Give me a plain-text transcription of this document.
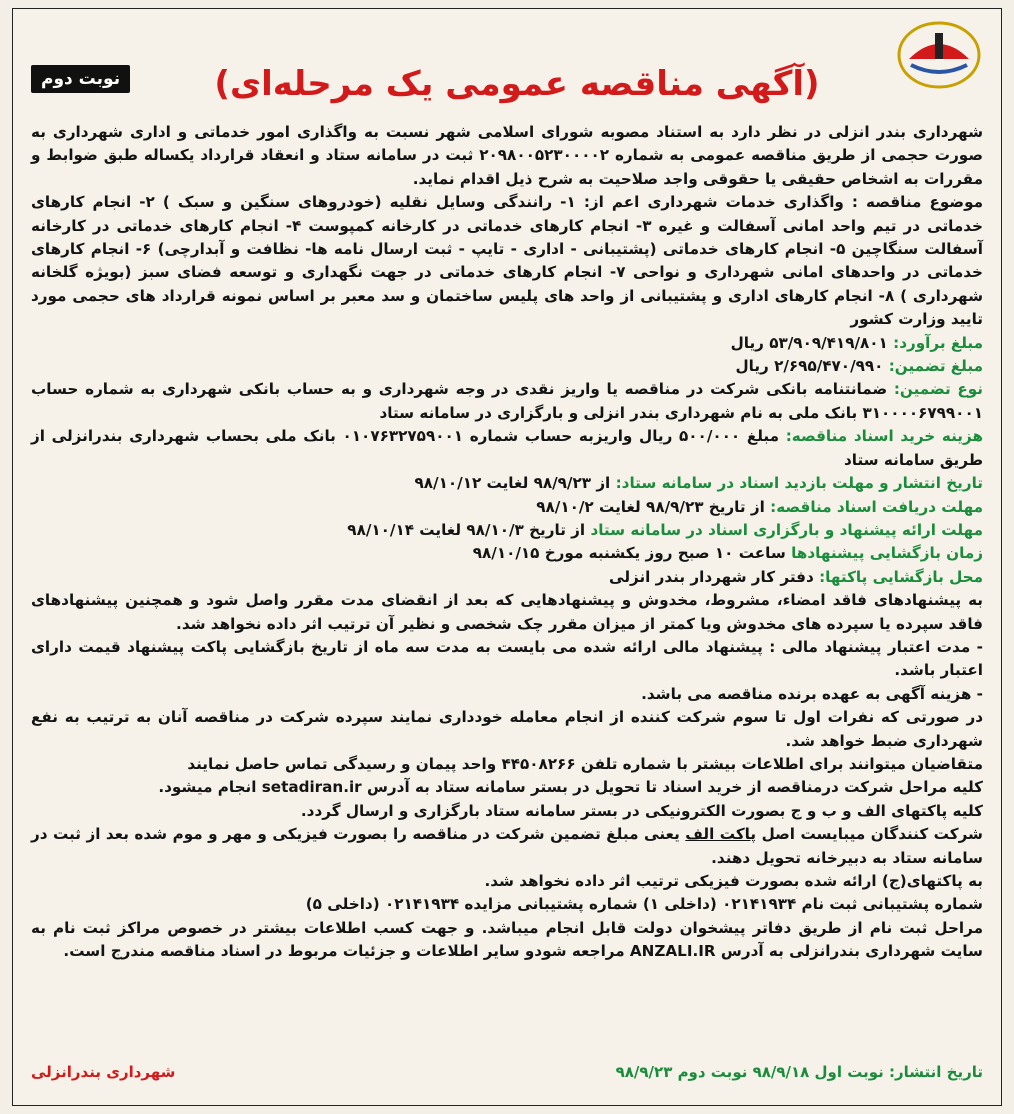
نوبت دوم	(آگهی مناقصه عمومی یک مرحله‌ای)

شهرداری بندر انزلی در نظر دارد به استناد مصوبه شورای اسلامی شهر نسبت به واگذاری امور خدماتی و اداری شهرداری به صورت حجمی از طریق مناقصه عمومی به شماره ۲۰۹۸۰۰۵۲۳۰۰۰۰۲ ثبت در سامانه ستاد و انعقاد قرارداد یکساله طبق ضوابط و مقررات به اشخاص حقیقی یا حقوقی واجد صلاحیت به شرح ذیل اقدام نماید.

موضوع مناقصه : واگذاری خدمات شهرداری اعم از: ۱- رانندگی وسایل نقلیه (خودروهای سنگین و سبک ) ۲- انجام کارهای خدماتی در تیم واحد امانی آسفالت و غیره ۳- انجام کارهای خدماتی در کارخانه کمپوست ۴- انجام کارهای خدماتی در کارخانه آسفالت سنگاچین ۵- انجام کارهای خدماتی (پشتیبانی - اداری - تایپ - ثبت ارسال نامه ها- نظافت و آبدارچی) ۶- انجام کارهای خدماتی در واحدهای امانی شهرداری و نواحی ۷- انجام کارهای خدماتی در جهت نگهداری و توسعه فضای سبز (بویژه گلخانه شهرداری ) ۸- انجام کارهای اداری و پشتیبانی از واحد های پلیس ساختمان و سد معبر بر اساس نمونه قرارداد های حجمی مورد تایید وزارت کشور

مبلغ برآورد: ۵۳/۹۰۹/۴۱۹/۸۰۱ ریال

مبلغ تضمین: ۲/۶۹۵/۴۷۰/۹۹۰ ریال

نوع تضمین: ضمانتنامه بانکی شرکت در مناقصه یا واریز نقدی در وجه شهرداری و به حساب بانکی شهرداری به شماره حساب ۳۱۰۰۰۰۶۷۹۹۰۰۱ بانک ملی به نام شهرداری بندر انزلی و بارگزاری در سامانه ستاد

هزینه خرید اسناد مناقصه: مبلغ ۵۰۰/۰۰۰ ریال واریزبه حساب شماره ۰۱۰۷۶۳۲۷۵۹۰۰۱ بانک ملی بحساب شهرداری بندرانزلی از طریق سامانه ستاد

تاریخ انتشار و مهلت بازدید اسناد در سامانه ستاد: از ۹۸/۹/۲۳ لغایت ۹۸/۱۰/۱۲

مهلت دریافت اسناد مناقصه: از تاریخ ۹۸/۹/۲۳ لغایت ۹۸/۱۰/۲

مهلت ارائه پیشنهاد و بارگزاری اسناد در سامانه ستاد از تاریخ ۹۸/۱۰/۳ لغایت ۹۸/۱۰/۱۴

زمان بازگشایی پیشنهادها ساعت ۱۰ صبح روز یکشنبه مورخ ۹۸/۱۰/۱۵

محل بازگشایی پاکتها: دفتر کار شهردار بندر انزلی

به پیشنهادهای فاقد امضاء، مشروط، مخدوش و پیشنهادهایی که بعد از انقضای مدت مقرر واصل شود و همچنین پیشنهادهای فاقد سپرده یا سپرده های مخدوش ویا کمتر از میزان مقرر چک شخصی و نظیر آن ترتیب اثر داده نخواهد شد.

- مدت اعتبار پیشنهاد مالی : پیشنهاد مالی ارائه شده می بایست به مدت سه ماه از تاریخ بازگشایی پاکت پیشنهاد قیمت دارای اعتبار باشد.

- هزینه آگهی به عهده برنده مناقصه می باشد.

در صورتی که نفرات اول تا سوم شرکت کننده از انجام معامله خودداری نمایند سپرده شرکت در مناقصه آنان به ترتیب به نفع شهرداری ضبط خواهد شد.

متقاضیان میتوانند برای اطلاعات بیشتر با شماره تلفن ۴۴۵۰۸۲۶۶ واحد پیمان و رسیدگی تماس حاصل نمایند

کلیه مراحل شرکت درمناقصه از خرید اسناد تا تحویل در بستر سامانه ستاد به آدرس setadiran.ir انجام میشود.

کلیه پاکتهای الف و ب و ج بصورت الکترونیکی در بستر سامانه ستاد بارگزاری و ارسال گردد.

شرکت کنندگان میبایست اصل پاکت الف یعنی مبلغ تضمین شرکت در مناقصه را بصورت فیزیکی و مهر و موم شده بعد از ثبت در سامانه ستاد به دبیرخانه تحویل دهند.

به پاکتهای(ج) ارائه شده بصورت فیزیکی ترتیب اثر داده نخواهد شد.

شماره پشتیبانی ثبت نام ۰۲۱۴۱۹۳۴ (داخلی ۱) شماره پشتیبانی مزایده ۰۲۱۴۱۹۳۴ (داخلی ۵)

مراحل ثبت نام از طریق دفاتر پیشخوان دولت قابل انجام میباشد. و جهت کسب اطلاعات بیشتر در خصوص مراکز ثبت نام به سایت شهرداری بندرانزلی به آدرس ANZALI.IR مراجعه شودو سایر اطلاعات و جزئیات مربوط در اسناد مناقصه مندرج است.

تاریخ انتشار: نوبت اول ۹۸/۹/۱۸ نوبت دوم ۹۸/۹/۲۳
شهرداری بندرانزلی
